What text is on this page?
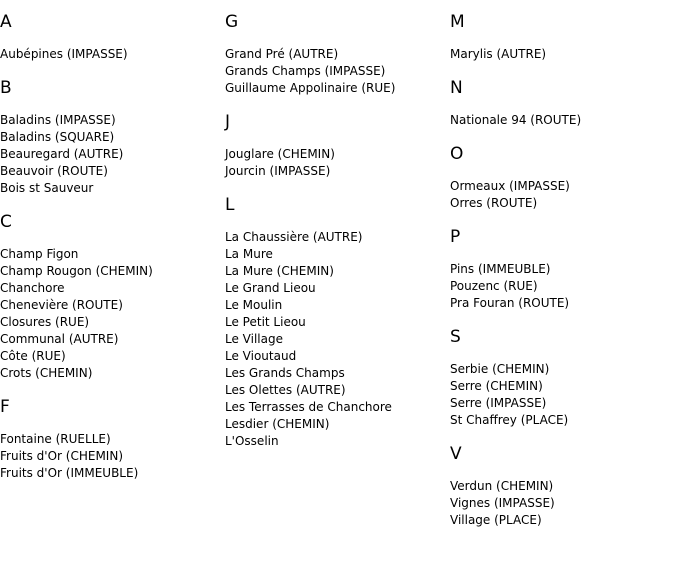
A
Aubépines (IMPASSE)
B
Baladins (IMPASSE)
Baladins (SQUARE)
Beauregard (AUTRE)
Beauvoir (ROUTE)
Bois st Sauveur
C
Champ Figon
Champ Rougon (CHEMIN)
Chanchore
Chenevière (ROUTE)
Closures (RUE)
Communal (AUTRE)
Côte (RUE)
Crots (CHEMIN)
F
Fontaine (RUELLE)
Fruits d'Or (CHEMIN)
Fruits d'Or (IMMEUBLE)
G
Grand Pré (AUTRE)
Grands Champs (IMPASSE)
Guillaume Appolinaire (RUE)
J
Jouglare (CHEMIN)
Jourcin (IMPASSE)
L
La Chaussière (AUTRE)
La Mure
La Mure (CHEMIN)
Le Grand Lieou
Le Moulin
Le Petit Lieou
Le Village
Le Vioutaud
Les Grands Champs
Les Olettes (AUTRE)
Les Terrasses de Chanchore
Lesdier (CHEMIN)
L'Osselin
M
Marylis (AUTRE)
N
Nationale 94 (ROUTE)
O
Ormeaux (IMPASSE)
Orres (ROUTE)
P
Pins (IMMEUBLE)
Pouzenc (RUE)
Pra Fouran (ROUTE)
S
Serbie (CHEMIN)
Serre (CHEMIN)
Serre (IMPASSE)
St Chaffrey (PLACE)
V
Verdun (CHEMIN)
Vignes (IMPASSE)
Village (PLACE)
